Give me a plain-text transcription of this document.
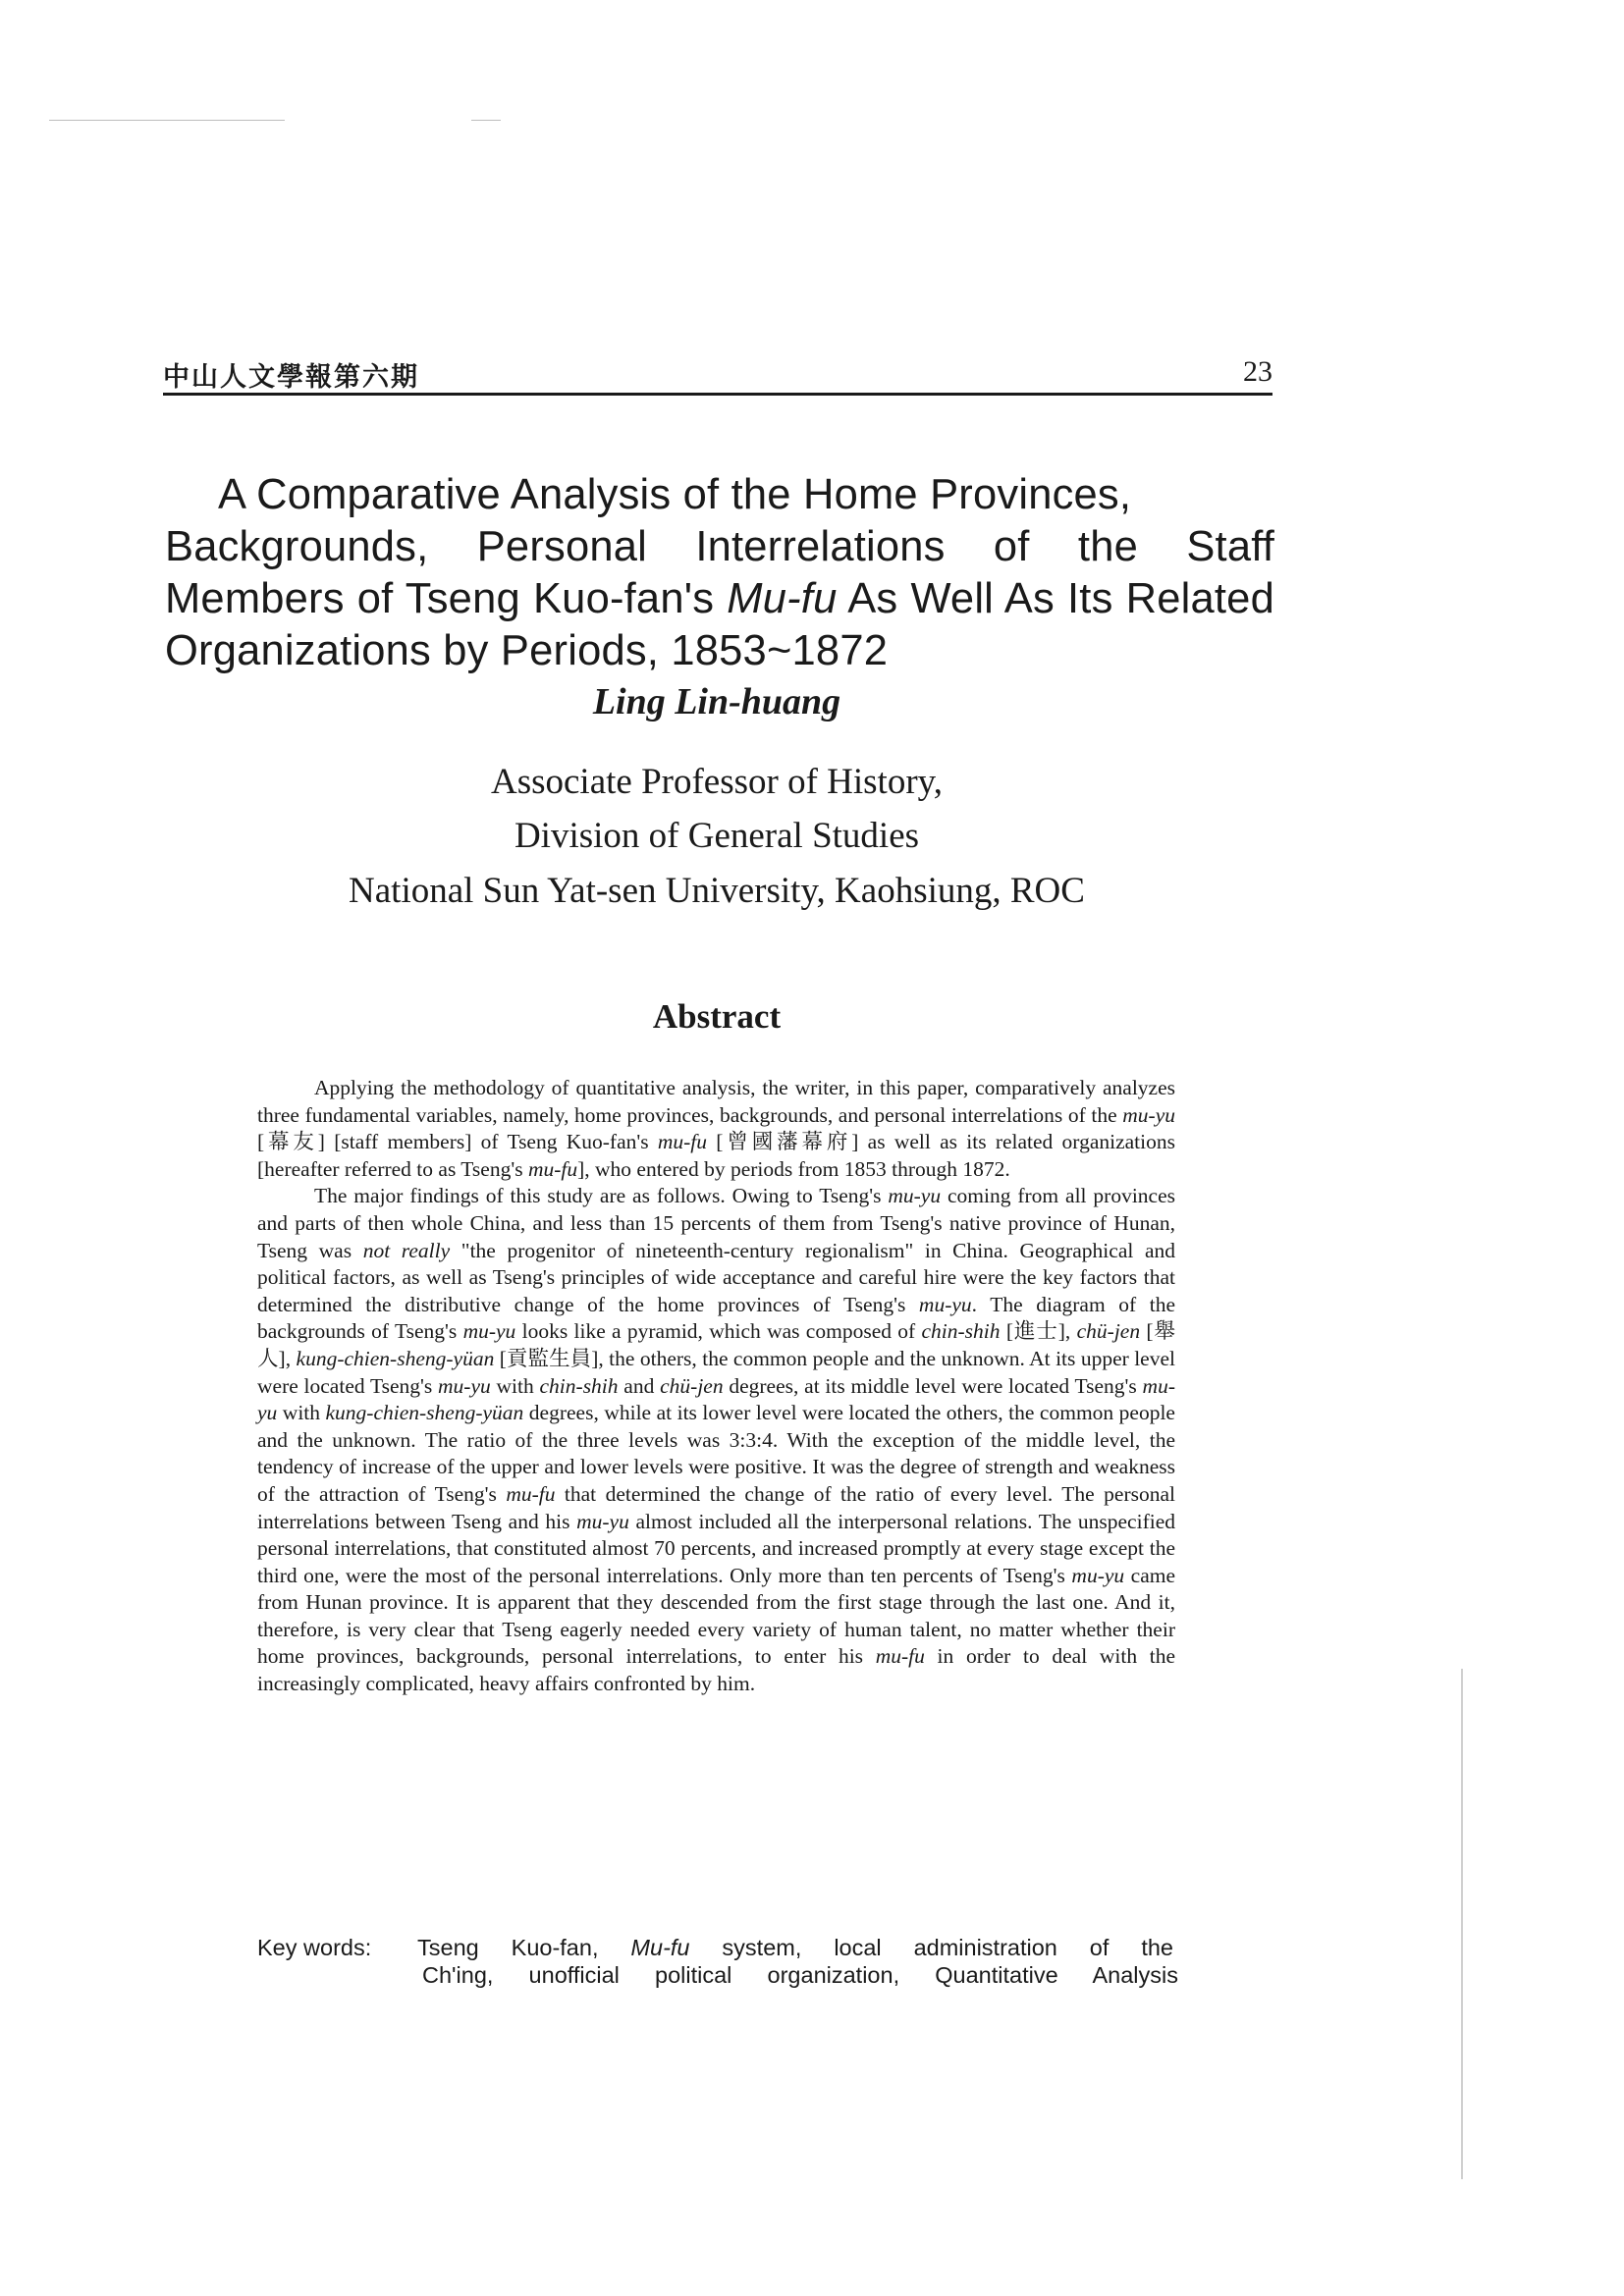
中山人文學報第六期	23
A Comparative Analysis of the Home Provinces,
Backgrounds, Personal Interrelations of the Staff Members of Tseng Kuo-fan's Mu-fu As Well As Its Related Organizations by Periods, 1853~1872
Ling Lin-huang
Associate Professor of History,
Division of General Studies
National Sun Yat-sen University, Kaohsiung, ROC
Abstract

Applying the methodology of quantitative analysis, the writer, in this paper, comparatively analyzes three fundamental variables, namely, home provinces, backgrounds, and personal interrelations of the mu-yu [幕友] [staff members] of Tseng Kuo-fan's mu-fu [曾國藩幕府] as well as its related organizations [hereafter referred to as Tseng's mu-fu], who entered by periods from 1853 through 1872.

The major findings of this study are as follows. Owing to Tseng's mu-yu coming from all provinces and parts of then whole China, and less than 15 percents of them from Tseng's native province of Hunan, Tseng was not really "the progenitor of nineteenth-century regionalism" in China. Geographical and political factors, as well as Tseng's principles of wide acceptance and careful hire were the key factors that determined the distributive change of the home provinces of Tseng's mu-yu. The diagram of the backgrounds of Tseng's mu-yu looks like a pyramid, which was composed of chin-shih [進士], chü-jen [舉人], kung-chien-sheng-yüan [貢監生員], the others, the common people and the unknown. At its upper level were located Tseng's mu-yu with chin-shih and chü-jen degrees, at its middle level were located Tseng's mu-yu with kung-chien-sheng-yüan degrees, while at its lower level were located the others, the common people and the unknown. The ratio of the three levels was 3:3:4. With the exception of the middle level, the tendency of increase of the upper and lower levels were positive. It was the degree of strength and weakness of the attraction of Tseng's mu-fu that determined the change of the ratio of every level. The personal interrelations between Tseng and his mu-yu almost included all the interpersonal relations. The unspecified personal interrelations, that constituted almost 70 percents, and increased promptly at every stage except the third one, were the most of the personal interrelations. Only more than ten percents of Tseng's mu-yu came from Hunan province. It is apparent that they descended from the first stage through the last one. And it, therefore, is very clear that Tseng eagerly needed every variety of human talent, no matter whether their home provinces, backgrounds, personal interrelations, to enter his mu-fu in order to deal with the increasingly complicated, heavy affairs confronted by him.

Key words: Tseng Kuo-fan, Mu-fu system, local administration of the
Ch'ing, unofficial political organization, Quantitative Analysis
